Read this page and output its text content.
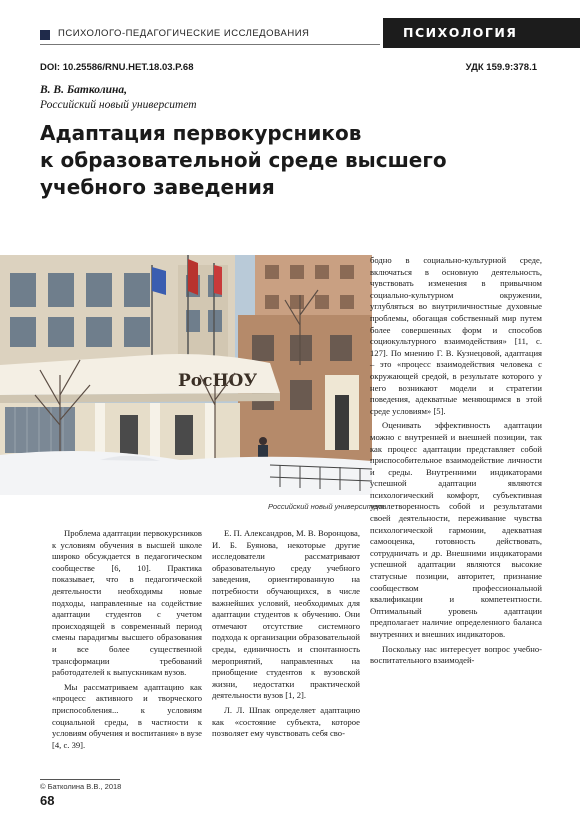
ПСИХОЛОГО-ПЕДАГОГИЧЕСКИЕ ИССЛЕДОВАНИЯ	ПСИХОЛОГИЯ
DOI: 10.25586/RNU.HET.18.03.P.68	УДК 159.9:378.1
В. В. Батколина,
Российский новый университет
Адаптация первокурсников
к образовательной среде высшего
учебного заведения
РосНОУ
Российский новый университет

Проблема адаптации первокурсников к условиям обучения в высшей школе широко обсуждается в педагогическом сообществе [6, 10]. Практика показывает, что в педагогической деятельности необходимы новые подходы, направленные на содействие адаптации студентов с учетом происходящей в современный период смены парадигмы высшего образования и все более существенной трансформации требований работодателей к выпускникам вузов.

Мы рассматриваем адаптацию как «процесс активного и творческого приспособления... к условиям социальной среды, в частности к условиям обучения и воспитания» в вузе [4, с. 39].

Е. П. Александров, М. В. Воронцова, И. Б. Буянова, некоторые другие исследователи рассматривают образовательную среду учебного заведения, ориентированную на потребности обучающихся, в числе важнейших условий, необходимых для адаптации студентов к обучению. Они отмечают отсутствие системного подхода к организации образовательной среды, единичность и спонтанность мероприятий, направленных на приобщение студентов к вузовской жизни, недостатки практической деятельности вузов [1, 2].

Л. Л. Шпак определяет адаптацию как «состояние субъекта, которое позволяет ему чувствовать себя сво-

бодно в социально-культурной среде, включаться в основную деятельность, чувствовать изменения в привычном социально-культурном окружении, углубляться во внутриличностные духовные проблемы, обогащая собственный мир путем более совершенных форм и способов социокультурного взаимодействия» [11, с. 127]. По мнению Г. В. Кузнецовой, адаптация – это «процесс взаимодействия человека с окружающей средой, в результате которого у него возникают модели и стратегии поведения, адекватные меняющимся в этой среде условиям» [5].

Оценивать эффективность адаптации можно с внутренней и внешней позиции, так как процесс адаптации представляет собой приспособительное взаимодействие личности и среды. Внутренними индикаторами успешной адаптации являются психологический комфорт, субъективная удовлетворенность собой и результатами своей деятельности, переживание чувства психологической гармонии, адекватная самооценка, готовность действовать, сотрудничать и др. Внешними индикаторами успешной адаптации являются высокие статусные позиции, авторитет, признание сообществом профессиональной квалификации и компетентности. Оптимальный уровень адаптации предполагает наличие определенного баланса внутренних и внешних индикаторов.

Поскольку нас интересует вопрос учебно-воспитательного взаимодей-

© Батколина В.В., 2018
68
